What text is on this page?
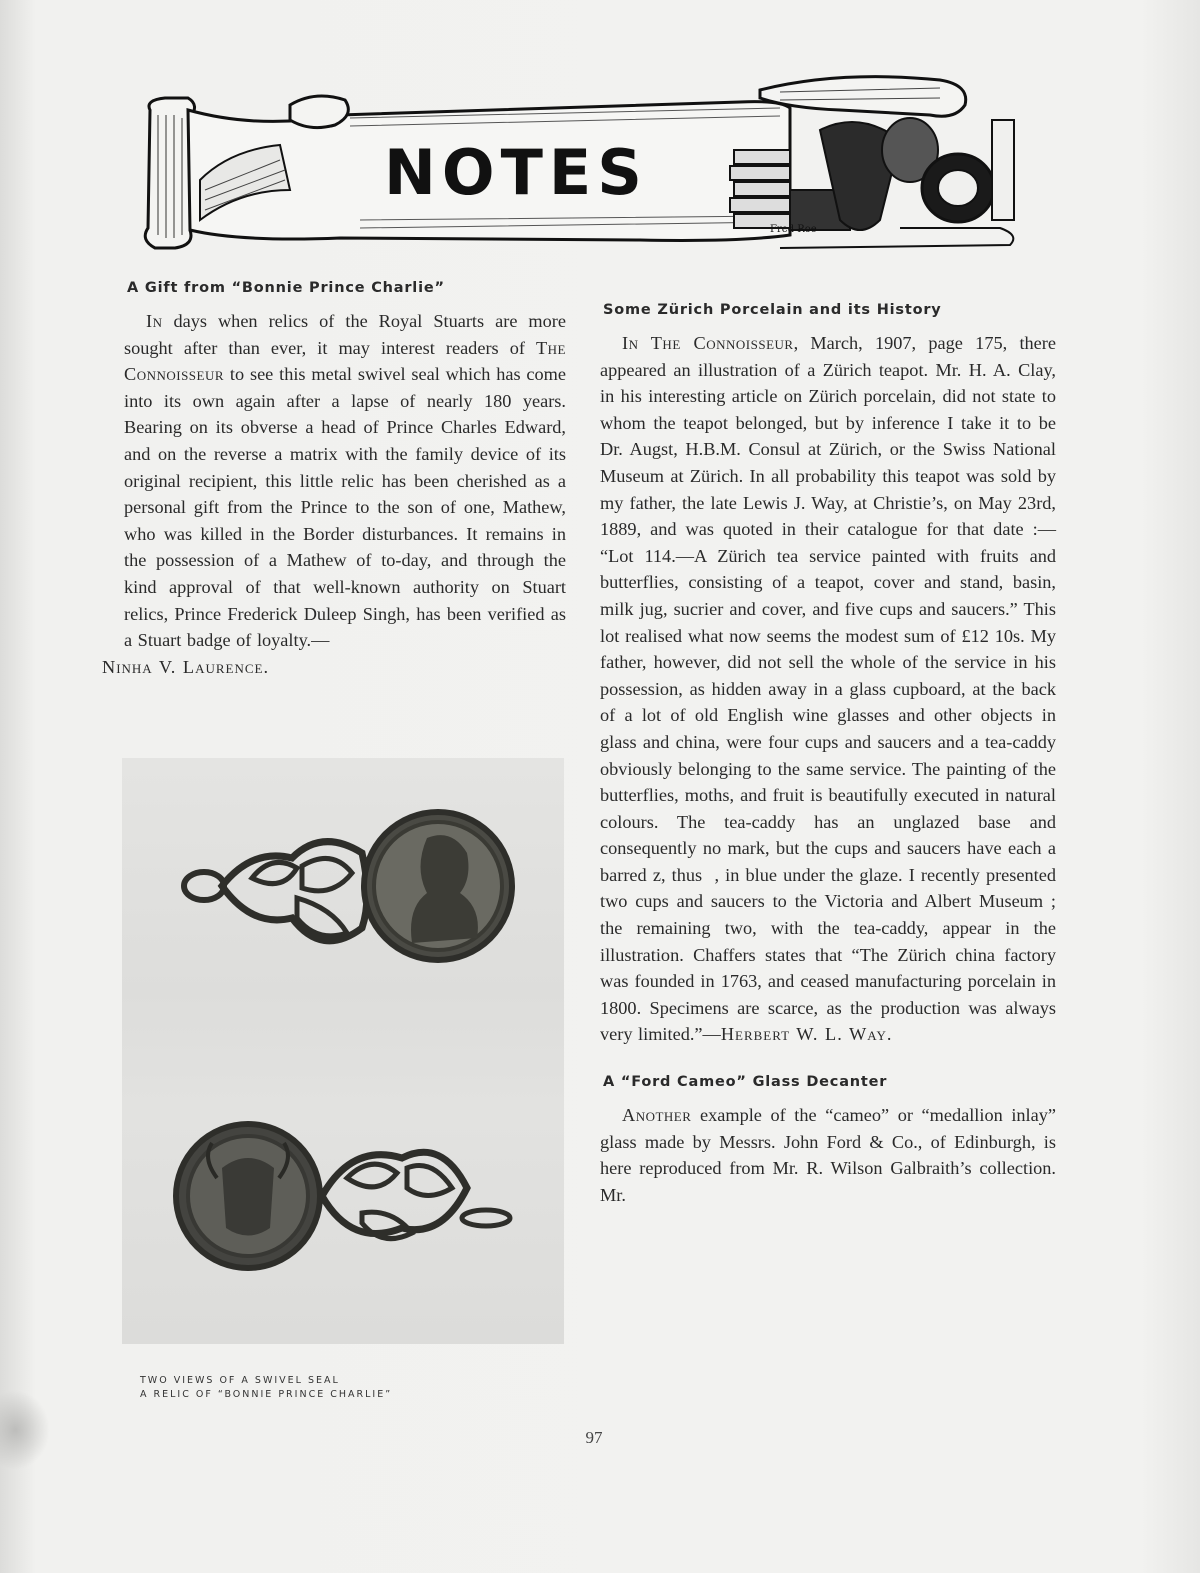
Fred Roe
NOTES

A Gift from “Bonnie Prince Charlie”

In days when relics of the Royal Stuarts are more sought after than ever, it may interest readers of The Connoisseur to see this metal swivel seal which has come into its own again after a lapse of nearly 180 years. Bearing on its obverse a head of Prince Charles Edward, and on the reverse a matrix with the family device of its original recipient, this little relic has been cherished as a personal gift from the Prince to the son of one, Mathew, who was killed in the Border disturbances. It remains in the possession of a Mathew of to-day, and through the kind approval of that well-known authority on Stuart relics, Prince Frederick Duleep Singh, has been verified as a Stuart badge of loyalty.—
Ninha V. Laurence.

TWO VIEWS OF A SWIVEL SEAL
A RELIC OF “BONNIE PRINCE CHARLIE”

Some Zürich Porcelain and its History

In The Connoisseur, March, 1907, page 175, there appeared an illustration of a Zürich teapot. Mr. H. A. Clay, in his interesting article on Zürich porcelain, did not state to whom the teapot belonged, but by inference I take it to be Dr. Augst, H.B.M. Consul at Zürich, or the Swiss National Museum at Zürich. In all probability this teapot was sold by my father, the late Lewis J. Way, at Christie’s, on May 23rd, 1889, and was quoted in their catalogue for that date :— “Lot 114.—A Zürich tea service painted with fruits and butterflies, consisting of a teapot, cover and stand, basin, milk jug, sucrier and cover, and five cups and saucers.” This lot realised what now seems the modest sum of £12 10s. My father, however, did not sell the whole of the service in his possession, as hidden away in a glass cupboard, at the back of a lot of old English wine glasses and other objects in glass and china, were four cups and saucers and a tea-caddy obviously belonging to the same service. The painting of the butterflies, moths, and fruit is beautifully executed in natural colours. The tea-caddy has an unglazed base and consequently no mark, but the cups and saucers have each a barred z, thus  , in blue under the glaze. I recently presented two cups and saucers to the Victoria and Albert Museum ; the remaining two, with the tea-caddy, appear in the illustration. Chaffers states that “The Zürich china factory was founded in 1763, and ceased manufacturing porcelain in 1800. Specimens are scarce, as the production was always very limited.”—Herbert W. L. Way.

A “Ford Cameo” Glass Decanter

Another example of the “cameo” or “medallion inlay” glass made by Messrs. John Ford & Co., of Edinburgh, is here reproduced from Mr. R. Wilson Galbraith’s collection. Mr.

97
